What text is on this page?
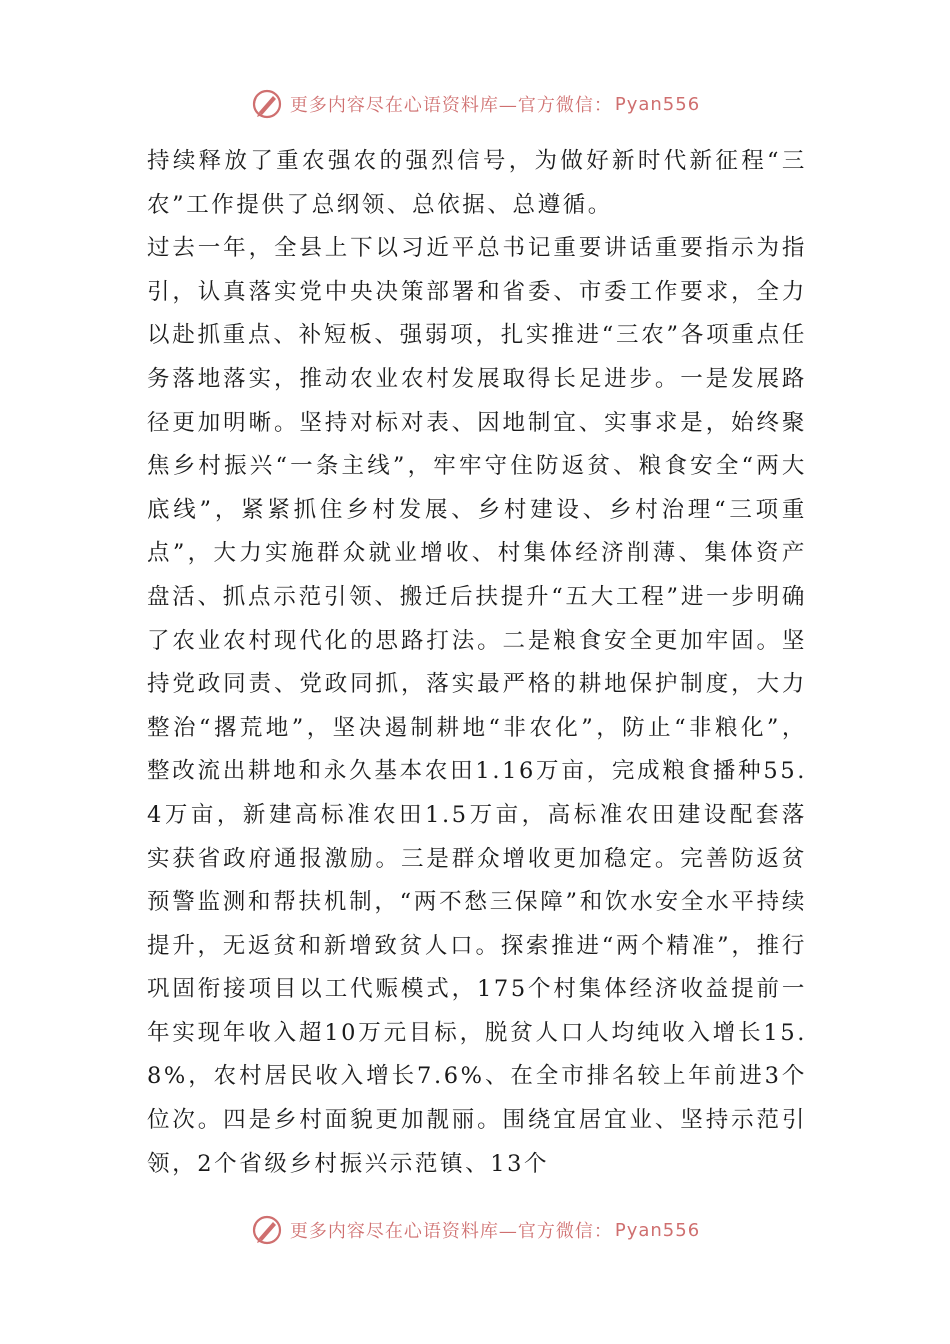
更多内容尽在心语资料库—官方微信： Pyan556

持续释放了重农强农的强烈信号，为做好新时代新征程“三农”工作提供了总纲领、总依据、总遵循。

过去一年，全县上下以习近平总书记重要讲话重要指示为指引，认真落实党中央决策部署和省委、市委工作要求，全力以赴抓重点、补短板、强弱项，扎实推进“三农”各项重点任务落地落实，推动农业农村发展取得长足进步。一是发展路径更加明晰。坚持对标对表、因地制宜、实事求是，始终聚焦乡村振兴“一条主线”，牢牢守住防返贫、粮食安全“两大底线”，紧紧抓住乡村发展、乡村建设、乡村治理“三项重点”，大力实施群众就业增收、村集体经济削薄、集体资产盘活、抓点示范引领、搬迁后扶提升“五大工程”进一步明确了农业农村现代化的思路打法。二是粮食安全更加牢固。坚持党政同责、党政同抓，落实最严格的耕地保护制度，大力整治“撂荒地”，坚决遏制耕地“非农化”，防止“非粮化”，整改流出耕地和永久基本农田1.16万亩，完成粮食播种55.4万亩，新建高标准农田1.5万亩，高标准农田建设配套落实获省政府通报激励。三是群众增收更加稳定。完善防返贫预警监测和帮扶机制，“两不愁三保障”和饮水安全水平持续提升，无返贫和新增致贫人口。探索推进“两个精准”，推行巩固衔接项目以工代赈模式，175个村集体经济收益提前一年实现年收入超10万元目标，脱贫人口人均纯收入增长15.8%，农村居民收入增长7.6%、在全市排名较上年前进3个位次。四是乡村面貌更加靓丽。围绕宜居宜业、坚持示范引领，2个省级乡村振兴示范镇、13个

更多内容尽在心语资料库—官方微信： Pyan556
